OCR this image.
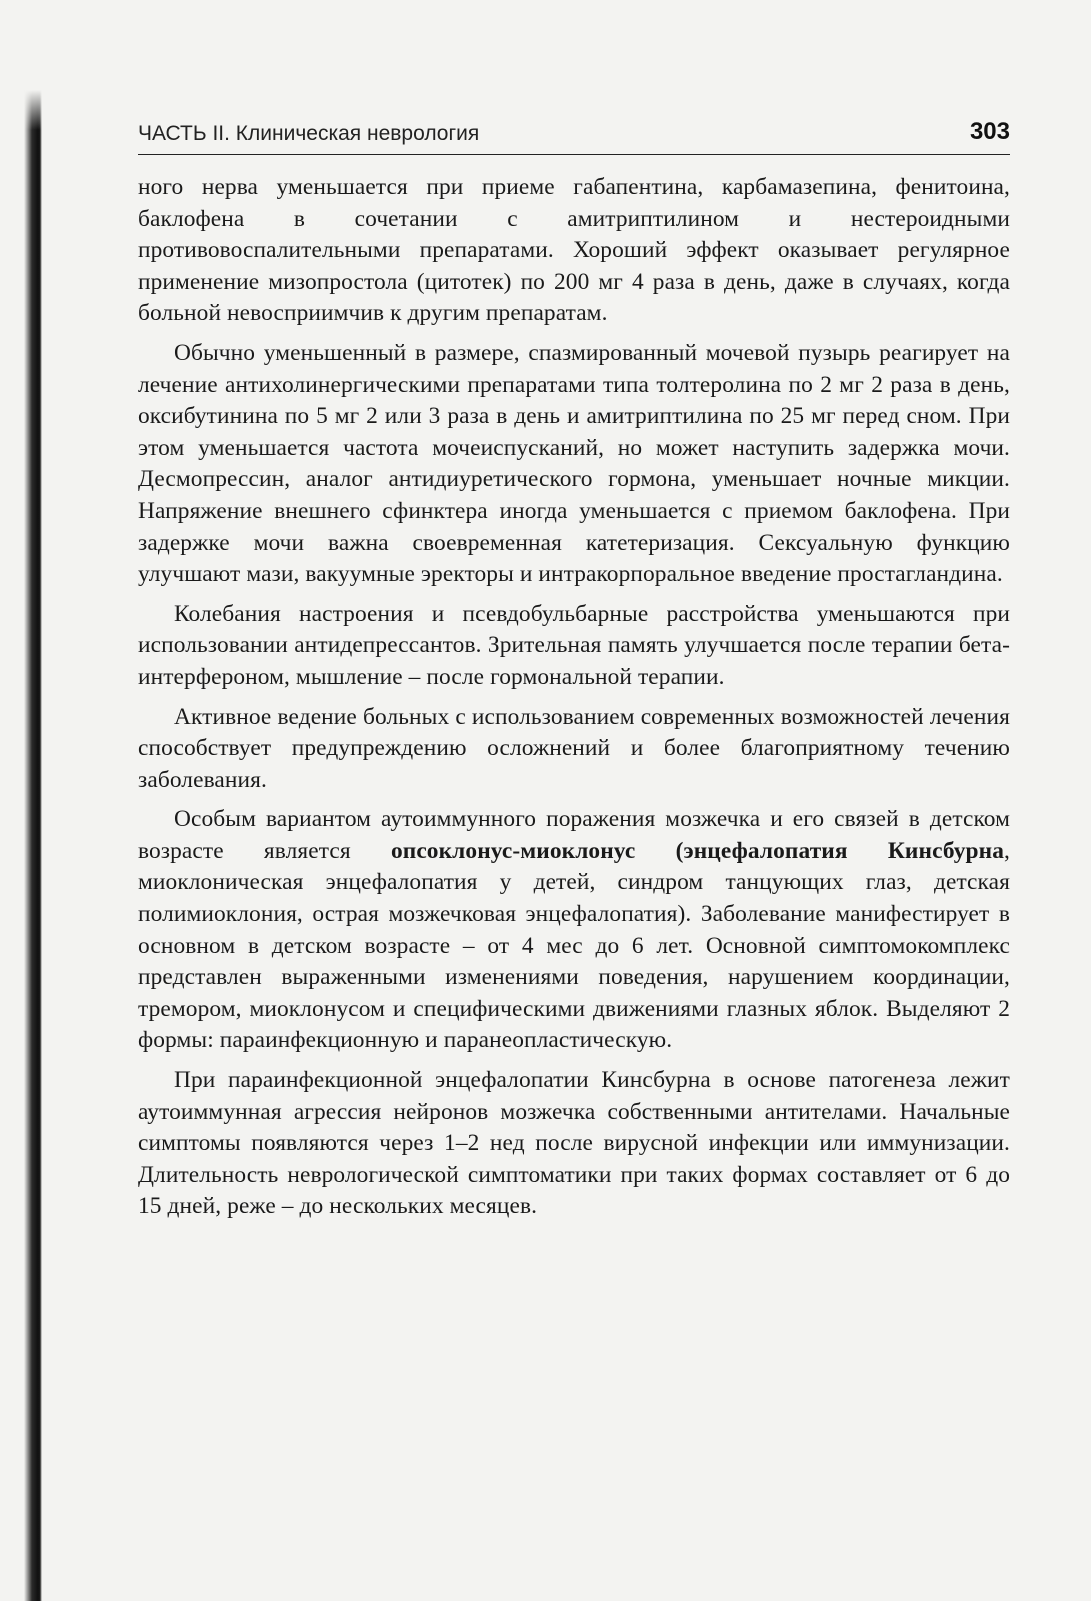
ЧАСТЬ II. Клиническая неврология	303

ного нерва уменьшается при приеме габапентина, карбамазепина, фенитоина, баклофена в сочетании с амитриптилином и нестероидными противовоспалительными препаратами. Хороший эффект оказывает регулярное применение мизопростола (цитотек) по 200 мг 4 раза в день, даже в случаях, когда больной невосприимчив к другим препаратам.

Обычно уменьшенный в размере, спазмированный мочевой пузырь реагирует на лечение антихолинергическими препаратами типа толтеролина по 2 мг 2 раза в день, оксибутинина по 5 мг 2 или 3 раза в день и амитриптилина по 25 мг перед сном. При этом уменьшается частота мочеиспусканий, но может наступить задержка мочи. Десмопрессин, аналог антидиуретического гормона, уменьшает ночные микции. Напряжение внешнего сфинктера иногда уменьшается с приемом баклофена. При задержке мочи важна своевременная катетеризация. Сексуальную функцию улучшают мази, вакуумные эректоры и интракорпоральное введение простагландина.

Колебания настроения и псевдобульбарные расстройства уменьшаются при использовании антидепрессантов. Зрительная память улучшается после терапии бета-интерфероном, мышление – после гормональной терапии.

Активное ведение больных с использованием современных возможностей лечения способствует предупреждению осложнений и более благоприятному течению заболевания.

Особым вариантом аутоиммунного поражения мозжечка и его связей в детском возрасте является опсоклонус-миоклонус (энцефалопатия Кинсбурна, миоклоническая энцефалопатия у детей, синдром танцующих глаз, детская полимиоклония, острая мозжечковая энцефалопатия). Заболевание манифестирует в основном в детском возрасте – от 4 мес до 6 лет. Основной симптомокомплекс представлен выраженными изменениями поведения, нарушением координации, тремором, миоклонусом и специфическими движениями глазных яблок. Выделяют 2 формы: параинфекционную и паранеопластическую.

При параинфекционной энцефалопатии Кинсбурна в основе патогенеза лежит аутоиммунная агрессия нейронов мозжечка собственными антителами. Начальные симптомы появляются через 1–2 нед после вирусной инфекции или иммунизации. Длительность неврологической симптоматики при таких формах составляет от 6 до 15 дней, реже – до нескольких месяцев.
